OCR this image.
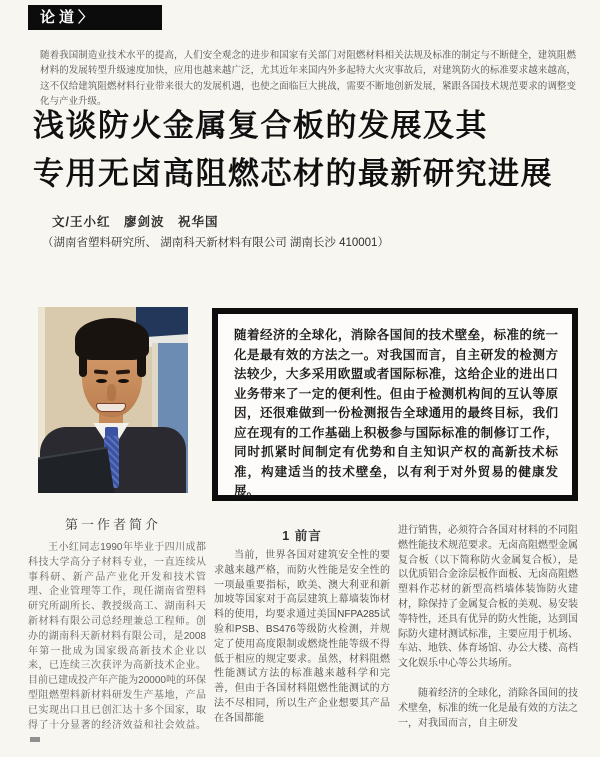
论道〉

随着我国制造业技术水平的提高，人们安全观念的进步和国家有关部门对阻燃材料相关法规及标准的制定与不断健全，建筑阻燃材料的发展转型升级速度加快，应用也越来越广泛，尤其近年来国内外多起特大火灾事故后，对建筑防火的标准要求越来越高，这不仅给建筑阻燃材料行业带来很大的发展机遇，也使之面临巨大挑战，需要不断地创新发展，紧跟各国技术规范要求的调整变化与产业升级。

浅谈防火金属复合板的发展及其
专用无卤高阻燃芯材的最新研究进展
文/王小红　廖剑波　祝华国
（湖南省塑料研究所、 湖南科天新材料有限公司 湖南长沙 410001）

随着经济的全球化，消除各国间的技术壁垒，标准的统一化是最有效的方法之一。对我国而言，自主研发的检测方法较少，大多采用欧盟或者国际标准，这给企业的进出口业务带来了一定的便利性。但由于检测机构间的互认等原因，还很难做到一份检测报告全球通用的最终目标，我们应在现有的工作基础上积极参与国际标准的制修订工作，同时抓紧时间制定有优势和自主知识产权的高新技术标准，构建适当的技术壁垒，以有利于对外贸易的健康发展。

第一作者简介

王小红同志1990年毕业于四川成都科技大学高分子材料专业，一直连续从事科研、新产品产业化开发和技术管理、企业管理等工作，现任湖南省塑料研究所副所长、教授级高工、湖南科天新材料有限公司总经理兼总工程师。创办的湖南科天新材料有限公司，是2008年第一批成为国家级高新技术企业以来，已连续三次获评为高新技术企业。目前已建成投产年产能为20000吨的环保型阻燃塑料新材料研发生产基地，产品已实现出口且已创汇达十多个国家，取得了十分显著的经济效益和社会效益。

1 前言

当前，世界各国对建筑安全性的要求越来越严格，而防火性能是安全性的一项最重要指标，欧美、澳大利亚和新加坡等国家对于高层建筑上幕墙装饰材料的使用，均要求通过美国NFPA285试验和PSB、BS476等级防火检测，并规定了使用高度限制或燃烧性能等级不得低于相应的规定要求。虽然，材料阻燃性能测试方法的标准越来越科学和完善，但由于各国材料阻燃性能测试的方法不尽相同，所以生产企业想要其产品在各国都能

进行销售，必须符合各国对材料的不同阻燃性能技术规范要求。无卤高阻燃型金属复合板（以下简称防火金属复合板），是以优质铝合金涂层板作面板、无卤高阻燃塑料作芯材的新型高档墙体装饰防火建材，除保持了金属复合板的美观、易安装等特性，还具有优异的防火性能，达到国际防火建材测试标准，主要应用于机场、车站、地铁、体育场馆、办公大楼、高档文化娱乐中心等公共场所。

随着经济的全球化，消除各国间的技术壁垒，标准的统一化是最有效的方法之一，对我国而言，自主研发
